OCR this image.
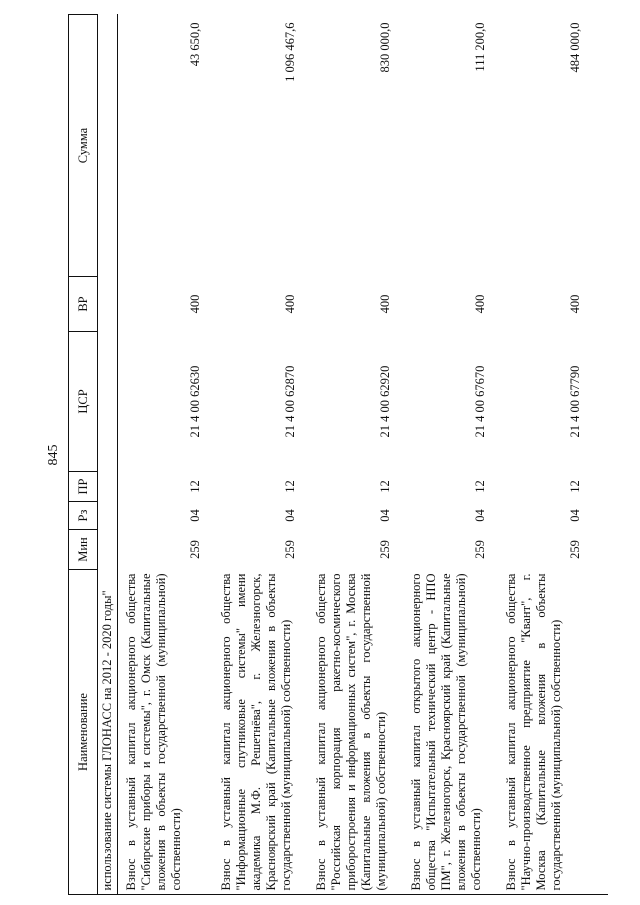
845
Наименование	Мин	Рз	ПР	ЦСР	ВР	Сумма
использование системы ГЛОНАСС на 2012 - 2020 годы"						
Взнос в уставный капитал акционерного общества "Сибирские приборы и системы", г. Омск (Капитальные вложения в объекты государственной (муниципальной) собственности)	259	04	12	21 4 00 62630	400	43 650,0
Взнос в уставный капитал акционерного общества "Информационные спутниковые системы" имени академика М.Ф. Решетнёва", г. Железногорск, Красноярский край (Капитальные вложения в объекты государственной (муниципальной) собственности)	259	04	12	21 4 00 62870	400	1 096 467,6
Взнос в уставный капитал акционерного общества "Российская корпорация ракетно-космического приборостроения и информационных систем", г. Москва (Капитальные вложения в объекты государственной (муниципальной) собственности)	259	04	12	21 4 00 62920	400	830 000,0
Взнос в уставный капитал открытого акционерного общества "Испытательный технический центр - НПО ПМ", г. Железногорск, Красноярский край (Капитальные вложения в объекты государственной (муниципальной) собственности)	259	04	12	21 4 00 67670	400	111 200,0
Взнос в уставный капитал акционерного общества "Научно-производственное предприятие "Квант", г. Москва (Капитальные вложения в объекты государственной (муниципальной) собственности)	259	04	12	21 4 00 67790	400	484 000,0
